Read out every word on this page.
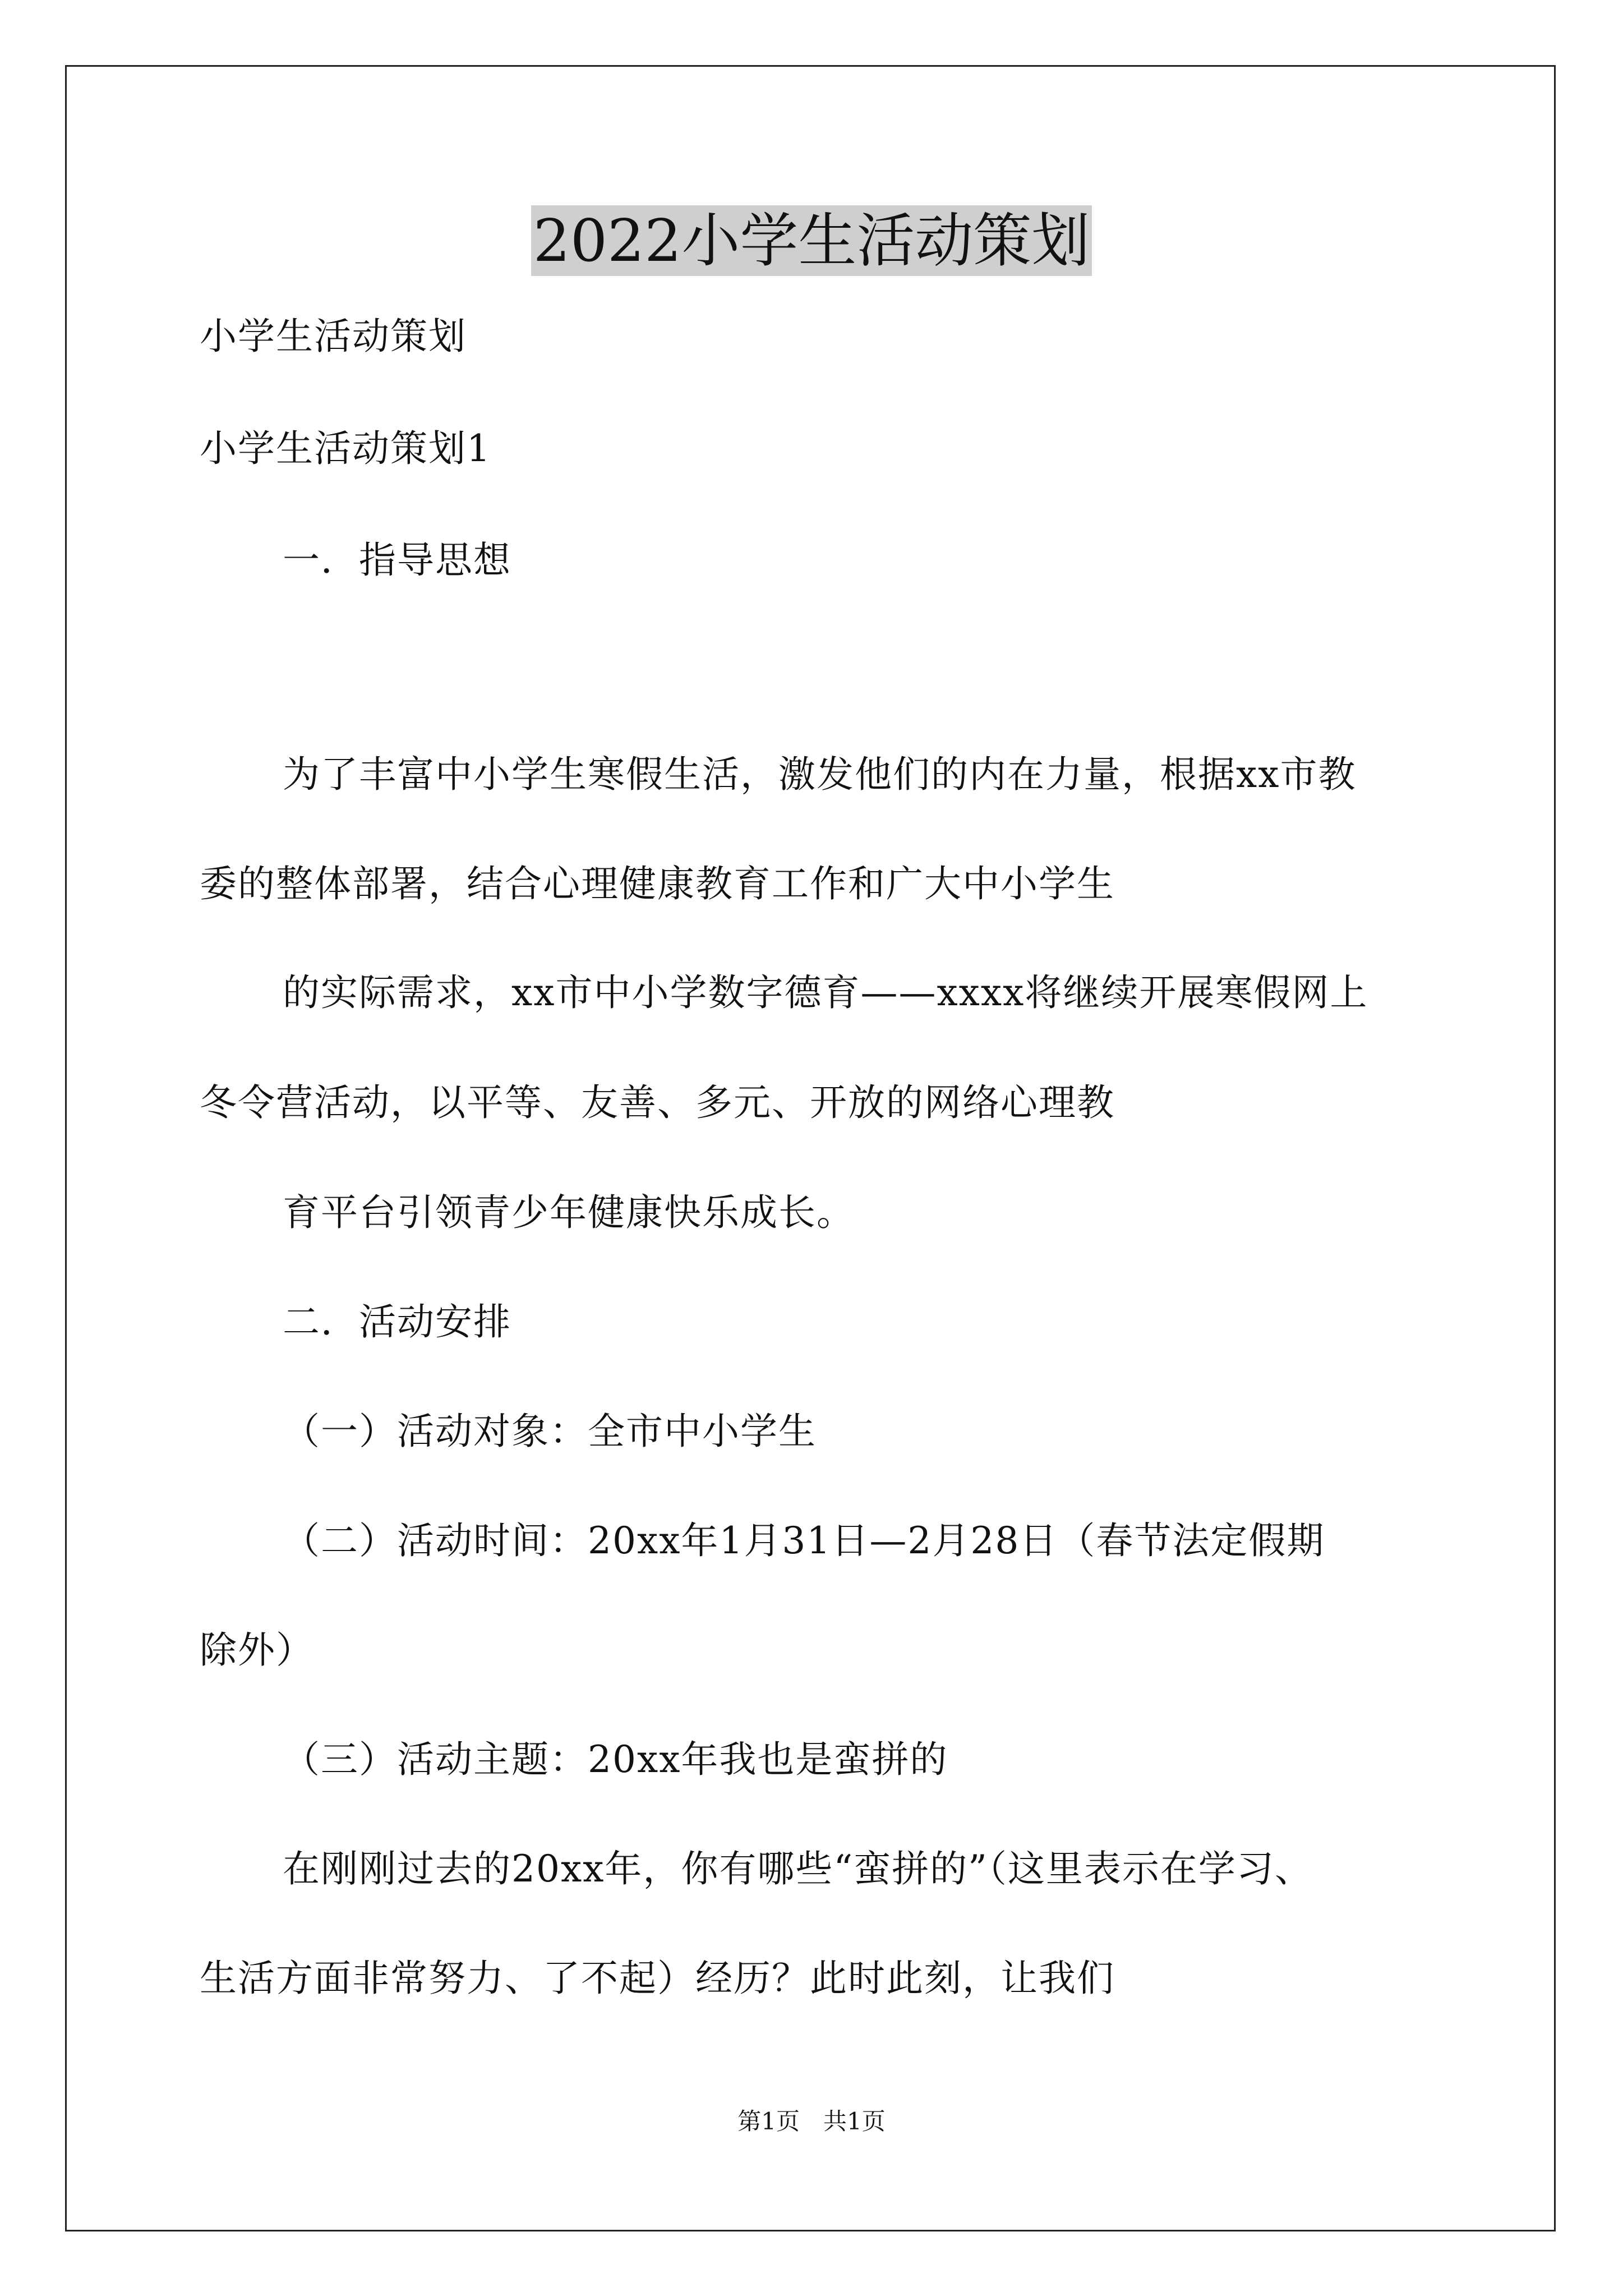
2022小学生活动策划
小学生活动策划
小学生活动策划1
一．指导思想
为了丰富中小学生寒假生活，激发他们的内在力量，根据xx市教
委的整体部署，结合心理健康教育工作和广大中小学生
的实际需求，xx市中小学数字德育——xxxx将继续开展寒假网上
冬令营活动，以平等、友善、多元、开放的网络心理教
育平台引领青少年健康快乐成长。
二．活动安排
（一）活动对象：全市中小学生
（二）活动时间：20xx年1月31日—2月28日（春节法定假期
除外）
（三）活动主题：20xx年我也是蛮拼的
在刚刚过去的20xx年，你有哪些“蛮拼的”（这里表示在学习、
生活方面非常努力、了不起）经历？此时此刻，让我们
第1页　共1页
